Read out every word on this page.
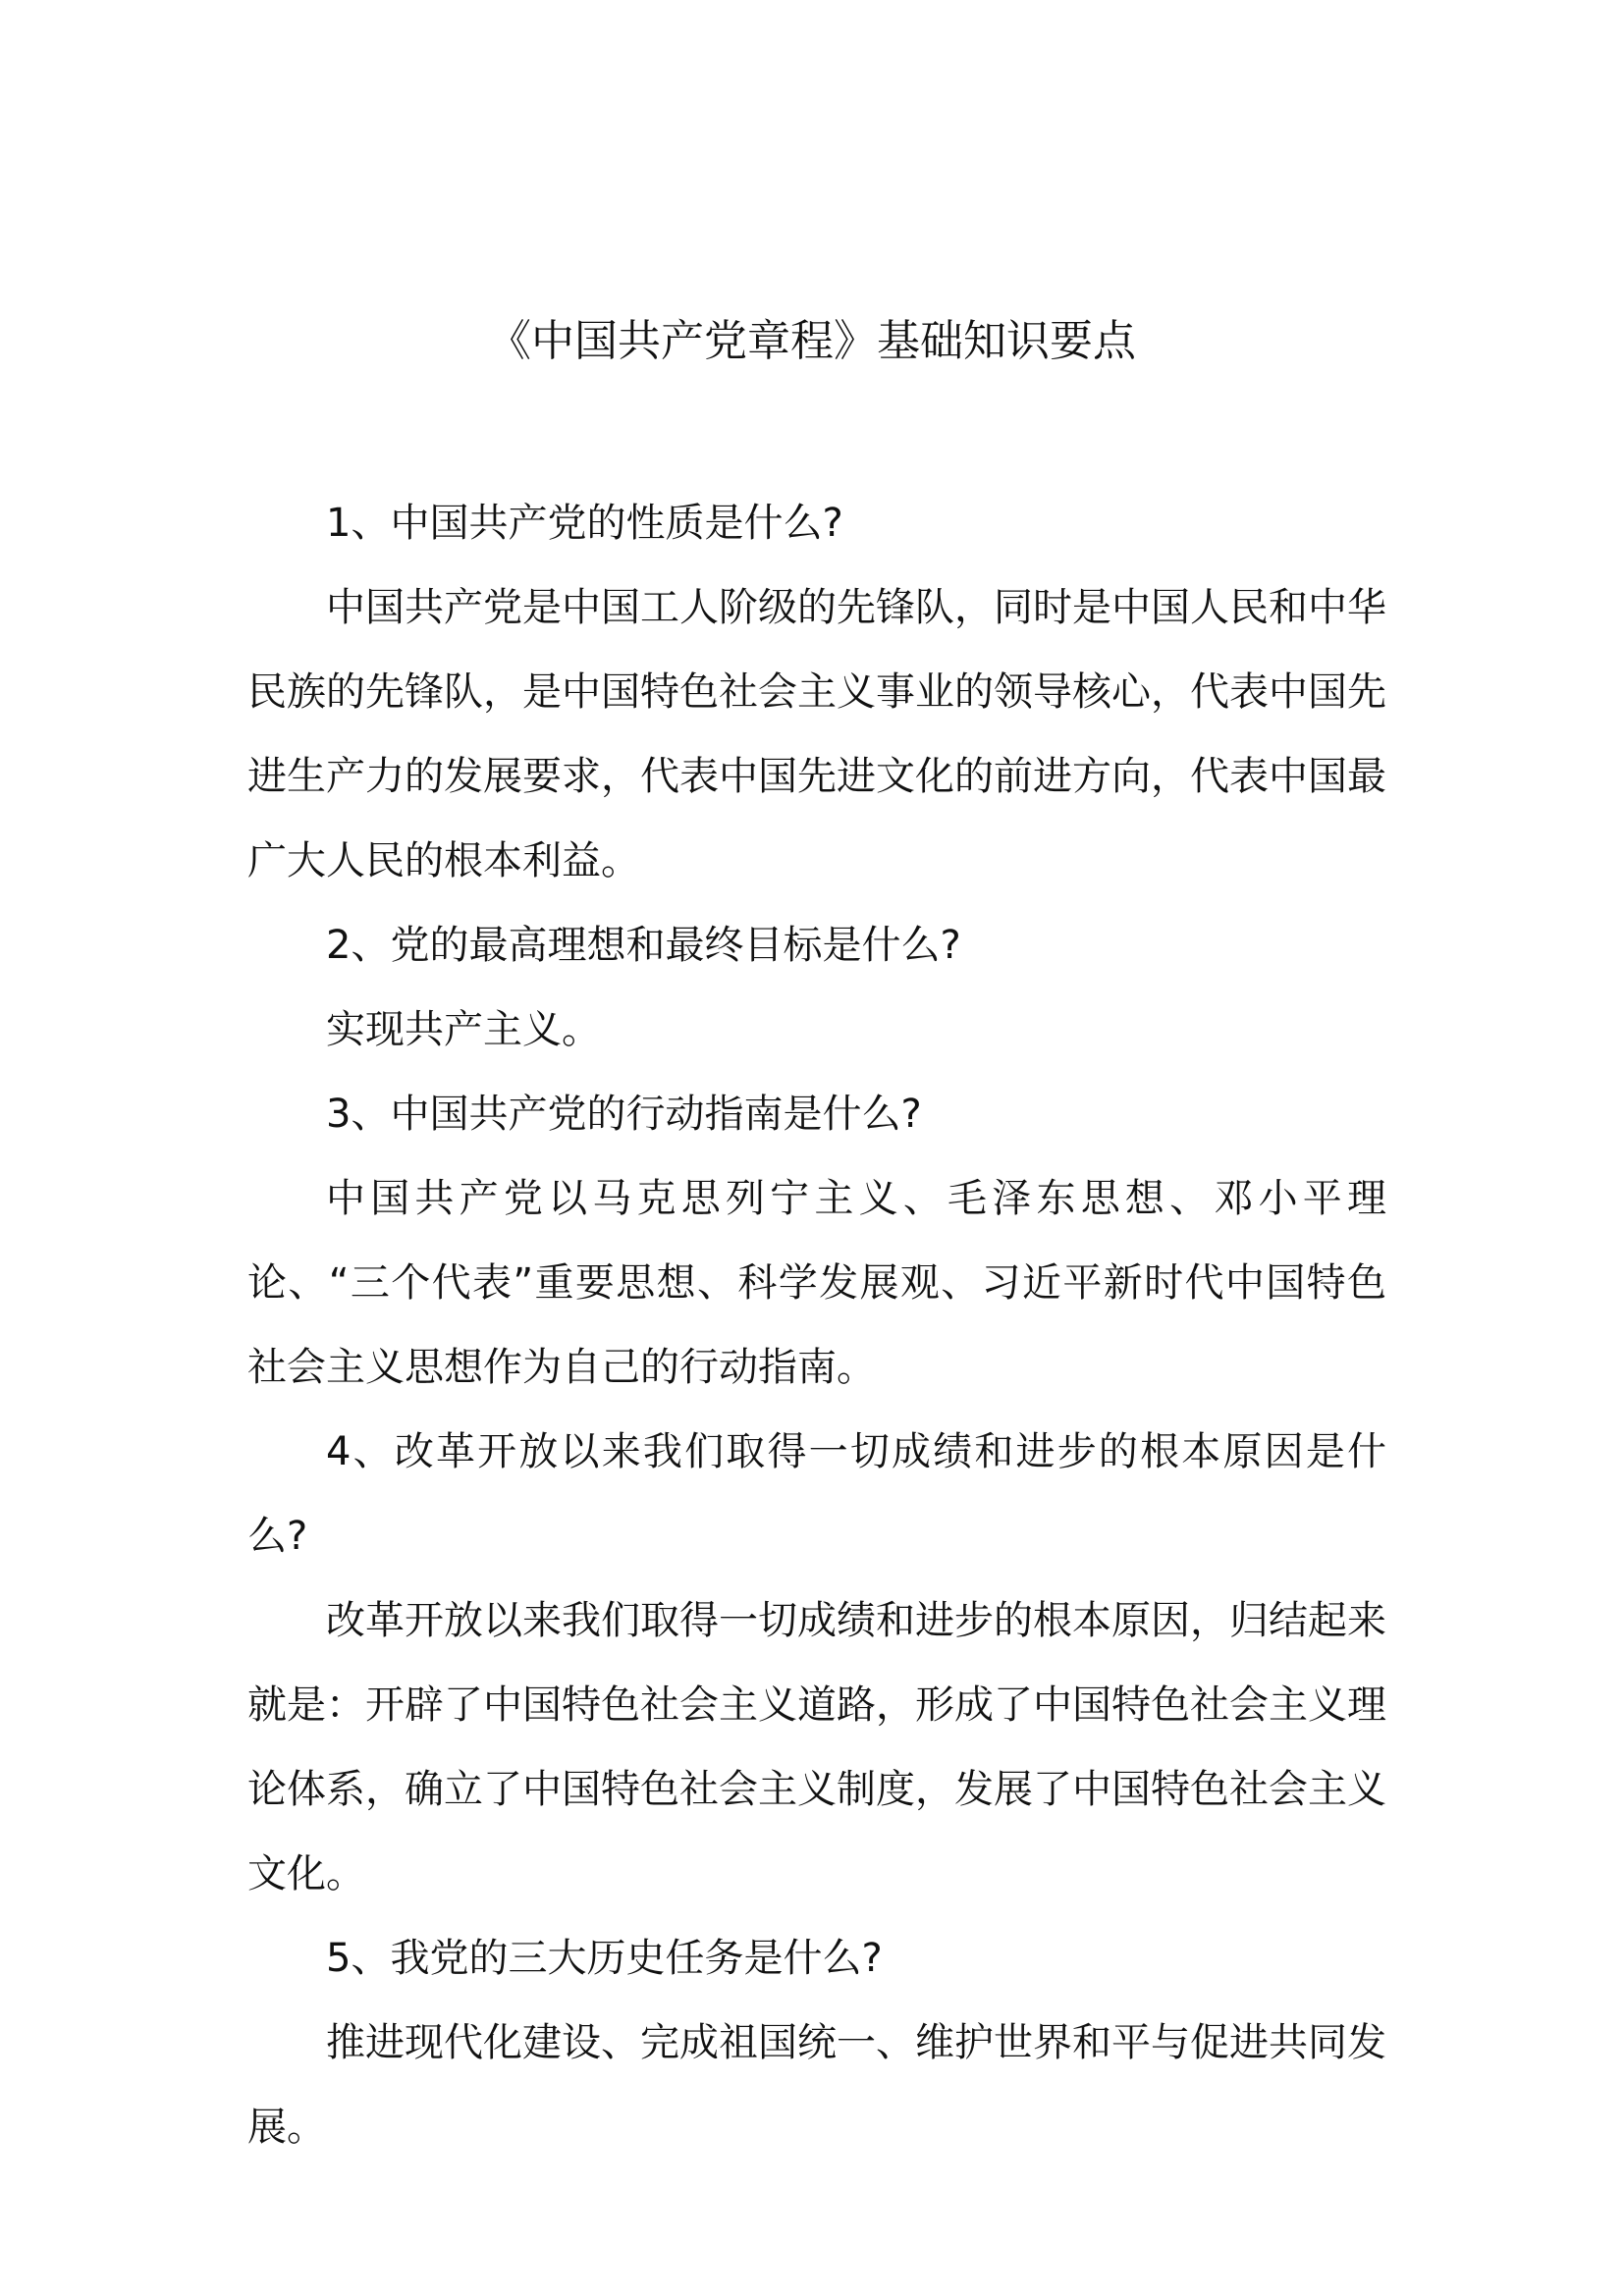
《中国共产党章程》基础知识要点

1、中国共产党的性质是什么?

中国共产党是中国工人阶级的先锋队，同时是中国人民和中华民族的先锋队，是中国特色社会主义事业的领导核心，代表中国先进生产力的发展要求，代表中国先进文化的前进方向，代表中国最广大人民的根本利益。

2、党的最高理想和最终目标是什么?

实现共产主义。

3、中国共产党的行动指南是什么?

中国共产党以马克思列宁主义、毛泽东思想、邓小平理论、“三个代表”重要思想、科学发展观、习近平新时代中国特色社会主义思想作为自己的行动指南。

4、改革开放以来我们取得一切成绩和进步的根本原因是什么?

改革开放以来我们取得一切成绩和进步的根本原因，归结起来就是：开辟了中国特色社会主义道路，形成了中国特色社会主义理论体系，确立了中国特色社会主义制度，发展了中国特色社会主义文化。

5、我党的三大历史任务是什么?

推进现代化建设、完成祖国统一、维护世界和平与促进共同发展。
